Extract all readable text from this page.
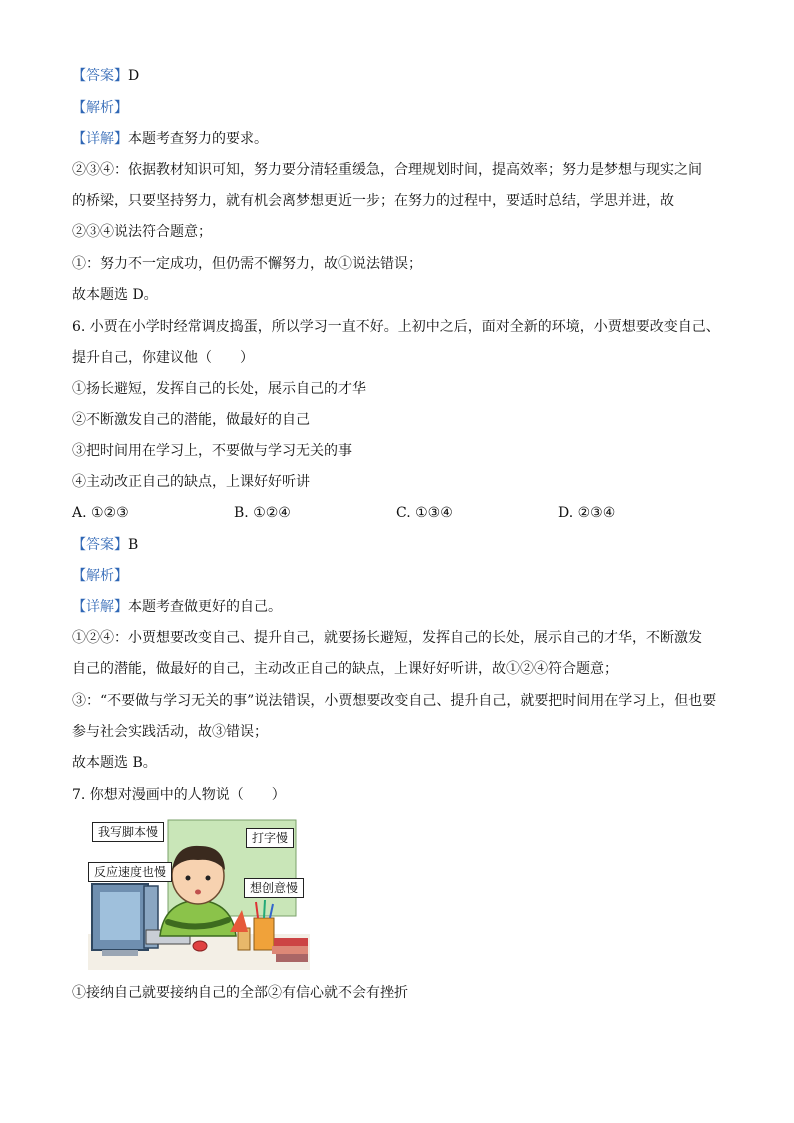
【答案】D
【解析】
【详解】本题考查努力的要求。
②③④：依据教材知识可知，努力要分清轻重缓急，合理规划时间，提高效率；努力是梦想与现实之间
的桥梁，只要坚持努力，就有机会离梦想更近一步；在努力的过程中，要适时总结，学思并进，故
②③④说法符合题意；
①：努力不一定成功，但仍需不懈努力，故①说法错误；
故本题选 D。
6. 小贾在小学时经常调皮捣蛋，所以学习一直不好。上初中之后，面对全新的环境，小贾想要改变自己、
提升自己，你建议他（　　）
①扬长避短，发挥自己的长处，展示自己的才华
②不断激发自己的潜能，做最好的自己
③把时间用在学习上，不要做与学习无关的事
④主动改正自己的缺点，上课好好听讲
A. ①②③	B. ①②④	C. ①③④	D. ②③④
【答案】B
【解析】
【详解】本题考查做更好的自己。
①②④：小贾想要改变自己、提升自己，就要扬长避短，发挥自己的长处，展示自己的才华，不断激发
自己的潜能，做最好的自己，主动改正自己的缺点，上课好好听讲，故①②④符合题意；
③：“不要做与学习无关的事”说法错误，小贾想要改变自己、提升自己，就要把时间用在学习上，但也要
参与社会实践活动，故③错误；
故本题选 B。
7. 你想对漫画中的人物说（　　）
我写脚本慢	打字慢
反应速度也慢
想创意慢
①接纳自己就要接纳自己的全部②有信心就不会有挫折
